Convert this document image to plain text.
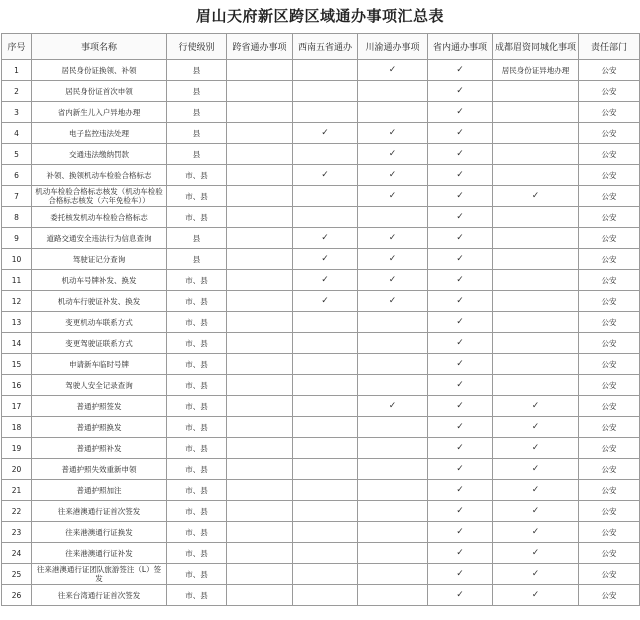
眉山天府新区跨区域通办事项汇总表
序号	事项名称	行使级别	跨省通办事项	西南五省通办	川渝通办事项	省内通办事项	成都眉资同城化事项	责任部门
1	居民身份证换领、补领	县			✓	✓	居民身份证异地办理	公安
2	居民身份证首次申领	县				✓		公安
3	省内新生儿入户异地办理	县				✓		公安
4	电子监控违法处理	县		✓	✓	✓		公安
5	交通违法缴纳罚款	县			✓	✓		公安
6	补领、换领机动车检验合格标志	市、县		✓	✓	✓		公安
7	机动车检验合格标志核发（机动车检验合格标志核发（六年免检车））	市、县			✓	✓	✓	公安
8	委托核发机动车检验合格标志	市、县				✓		公安
9	道路交通安全违法行为信息查询	县		✓	✓	✓		公安
10	驾驶证记分查询	县		✓	✓	✓		公安
11	机动车号牌补发、换发	市、县		✓	✓	✓		公安
12	机动车行驶证补发、换发	市、县		✓	✓	✓		公安
13	变更机动车联系方式	市、县				✓		公安
14	变更驾驶证联系方式	市、县				✓		公安
15	申请新车临时号牌	市、县				✓		公安
16	驾驶人安全记录查询	市、县				✓		公安
17	普通护照签发	市、县			✓	✓	✓	公安
18	普通护照换发	市、县				✓	✓	公安
19	普通护照补发	市、县				✓	✓	公安
20	普通护照失效重新申领	市、县				✓	✓	公安
21	普通护照加注	市、县				✓	✓	公安
22	往来港澳通行证首次签发	市、县				✓	✓	公安
23	往来港澳通行证换发	市、县				✓	✓	公安
24	往来港澳通行证补发	市、县				✓	✓	公安
25	往来港澳通行证团队旅游签注（L）签发	市、县				✓	✓	公安
26	往来台湾通行证首次签发	市、县				✓	✓	公安
